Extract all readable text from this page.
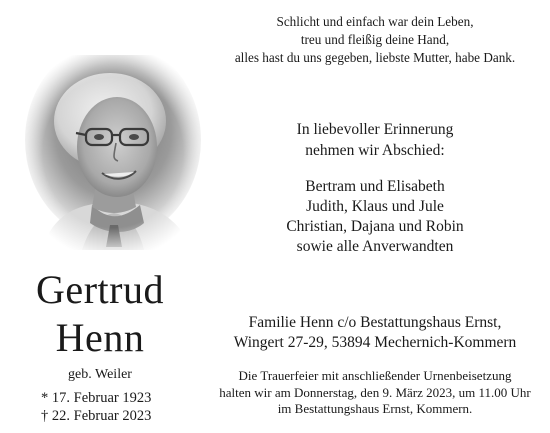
Gertrud
Henn
geb. Weiler
* 17. Februar 1923
† 22. Februar 2023
Schlicht und einfach war dein Leben,
treu und fleißig deine Hand,
alles hast du uns gegeben, liebste Mutter, habe Dank.
In liebevoller Erinnerung
nehmen wir Abschied:
Bertram und Elisabeth
Judith, Klaus und Jule
Christian, Dajana und Robin
sowie alle Anverwandten
Familie Henn c/o Bestattungshaus Ernst,
Wingert 27-29, 53894 Mechernich-Kommern
Die Trauerfeier mit anschließender Urnenbeisetzung
halten wir am Donnerstag, den 9. März 2023, um 11.00 Uhr
im Bestattungshaus Ernst, Kommern.
